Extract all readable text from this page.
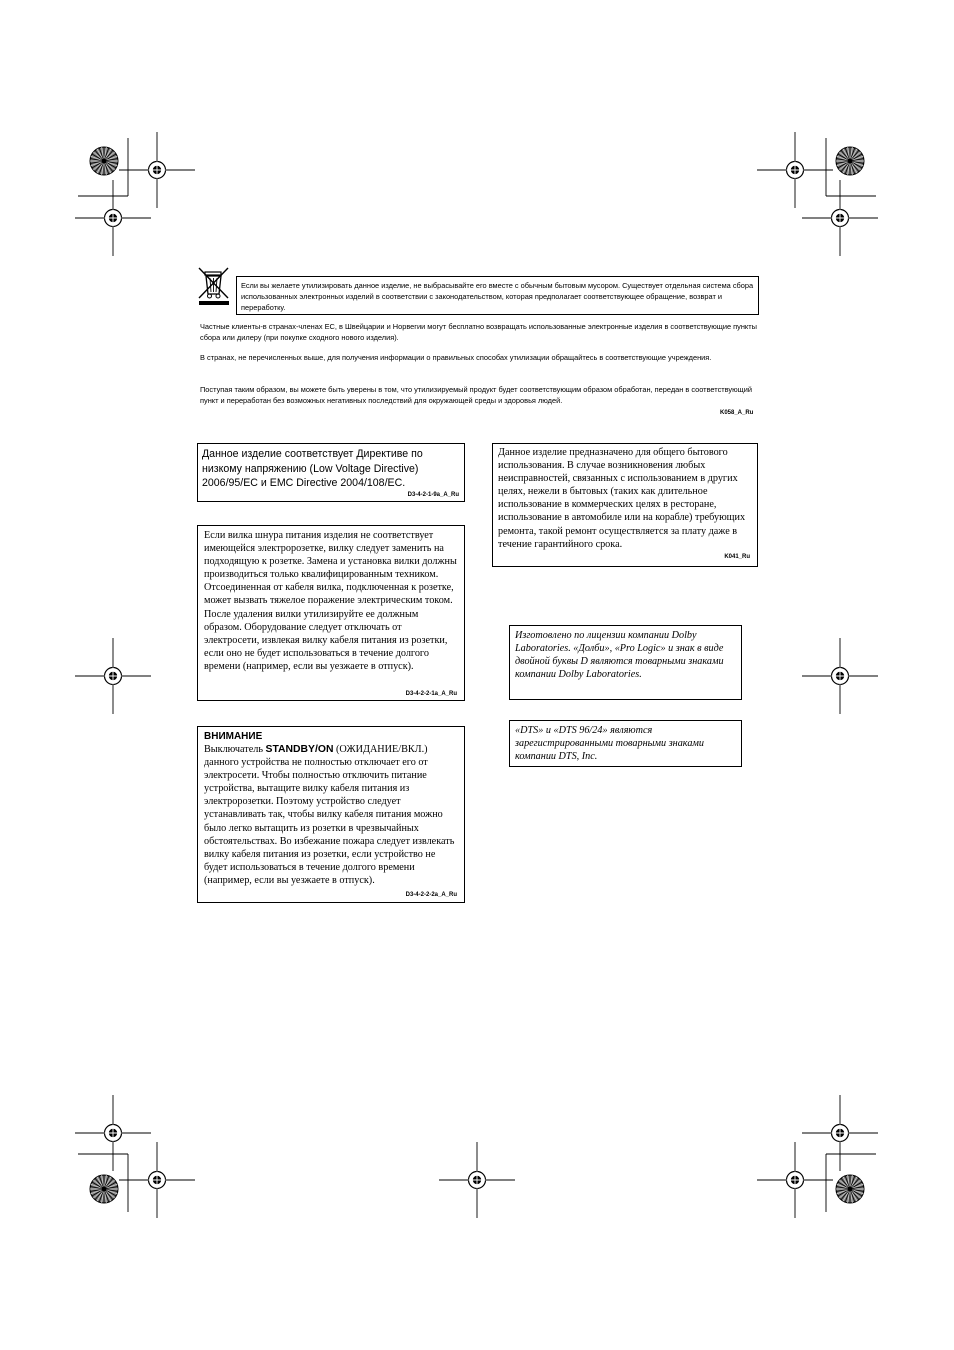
Если вы желаете утилизировать данное изделие, не выбрасывайте его вместе с обычным бытовым мусором. Существует отдельная система сбора использованных электронных изделий в соответствии с законодательством, которая предполагает соответствующее обращение, возврат и переработку.

Частные клиенты-в странах-членах ЕС, в Швейцарии и Норвегии могут бесплатно возвращать использованные электронные изделия в соответствующие пункты сбора или дилеру (при покупке сходного нового изделия).

В странах, не перечисленных выше, для получения информации о правильных способах утилизации обращайтесь в соответствующие учреждения.

Поступая таким образом, вы можете быть уверены в том, что утилизируемый продукт будет соответствующим образом обработан, передан в соответствующий пункт и переработан без возможных негативных последствий для окружающей среды и здоровья людей.

K058_A_Ru

Данное изделие соответствует Директиве по низкому напряжению (Low Voltage Directive) 2006/95/EC и EMC Directive 2004/108/EC.

D3-4-2-1-9a_A_Ru

Данное изделие предназначено для общего бытового использования. В случае возникновения любых неисправностей, связанных с использованием в других целях, нежели в бытовых (таких как длительное использование в коммерческих целях в ресторане, использование в автомобиле или на корабле) требующих ремонта, такой ремонт осуществляется за плату даже в течение гарантийного срока.

K041_Ru

Если вилка шнура питания изделия не соответствует имеющейся электророзетке, вилку следует заменить на подходящую к розетке. Замена и установка вилки должны производиться только квалифицированным техником. Отсоединенная от кабеля вилка, подключенная к розетке, может вызвать тяжелое поражение электрическим током. После удаления вилки утилизируйте ее должным образом. Оборудование следует отключать от электросети, извлекая вилку кабеля питания из розетки, если оно не будет использоваться в течение долгого времени (например, если вы уезжаете в отпуск).

D3-4-2-2-1a_A_Ru

Изготовлено по лицензии компании Dolby Laboratories. «Долби», «Pro Logic» и знак в виде двойной буквы D являются товарными знаками компании Dolby Laboratories.

«DTS» и «DTS 96/24» являются зарегистрированными товарными знаками компании DTS, Inc.

ВНИМАНИЕ

Выключатель STANDBY/ON (ОЖИДАНИЕ/ВКЛ.) данного устройства не полностью отключает его от электросети. Чтобы полностью отключить питание устройства, вытащите вилку кабеля питания из электророзетки. Поэтому устройство следует устанавливать так, чтобы вилку кабеля питания можно было легко вытащить из розетки в чрезвычайных обстоятельствах. Во избежание пожара следует извлекать вилку кабеля питания из розетки, если устройство не будет использоваться в течение долгого времени (например, если вы уезжаете в отпуск).

D3-4-2-2-2a_A_Ru
